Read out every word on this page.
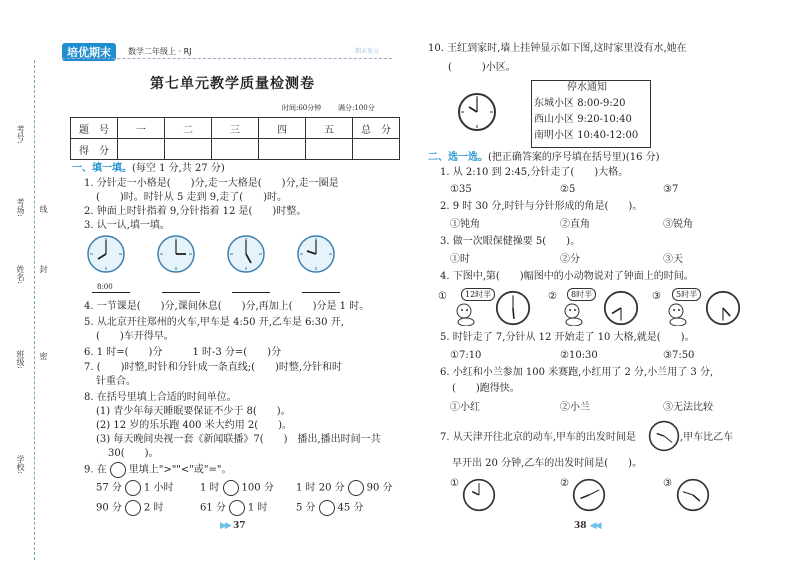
培优期末	数学二年级上 · RJ	期末复习
考号:
考场: 线
姓名: 封
班级: 密
学校:
第七单元教学质量检测卷
时间:60分钟 满分:100分
题　号	一	二	三	四	五	总　分
得　分						
一、填一填。(每空 1 分,共 27 分)
1. 分针走一小格是(　　)分,走一大格是(　　)分,走一圈是
(　　)时。时针从 5 走到 9,走了(　　)时。
2. 钟面上时针指着 9,分针指着 12 是(　　)时整。
3. 认一认,填一填。
8:00
4. 一节课是(　　)分,课间休息(　　)分,再加上(　　)分是 1 时。
5. 从北京开往郑州的火车,甲车是 4:50 开,乙车是 6:30 开,
(　　)车开得早。
6. 1 时=(　　)分　　　1 时-3 分=(　　)分
7. (　　)时整,时针和分针成一条直线;(　　)时整,分针和时
针重合。
8. 在括号里填上合适的时间单位。
(1) 青少年每天睡眠要保证不少于 8(　　)。
(2) 12 岁的乐乐跑 400 米大约用 2(　　)。
(3) 每天晚间央视一套《新闻联播》7(　　)　播出,播出时间一共
30(　　)。
9. 在 里填上">""<"或"="。
57 分 1 小时	1 时 100 分 1 时 20 分 90 分
90 分 2 时	61 分 1 时	5 分 45 分
▶▶ 37
10. 王红到家时,墙上挂钟显示如下图,这时家里没有水,她在
(　　　)小区。
停水通知
东城小区 8:00-9:20
西山小区 9:20-10:40
南明小区 10:40-12:00
二、选一选。(把正确答案的序号填在括号里)(16 分)
1. 从 2:10 到 2:45,分针走了(　　)大格。
①35	②5	③7
2. 9 时 30 分,时针与分针形成的角是(　　)。
①钝角	②直角	③锐角
3. 做一次眼保健操要 5(　　)。
①时	②分	③天
4. 下图中,第(　　)幅图中的小动物说对了钟面上的时间。
①	12时半	②	8时半	③	5时半
5. 时针走了 7,分针从 12 开始走了 10 大格,就是(　　)。
①7:10	②10:30	③7:50
6. 小红和小兰参加 100 米赛跑,小红用了 2 分,小兰用了 3 分,
(　　)跑得快。
①小红	②小兰	③无法比较
7. 从天津开往北京的动车,甲车的出发时间是	,甲车比乙车
早开出 20 分钟,乙车的出发时间是(　　)。
①	②	③
38 ◀◀
